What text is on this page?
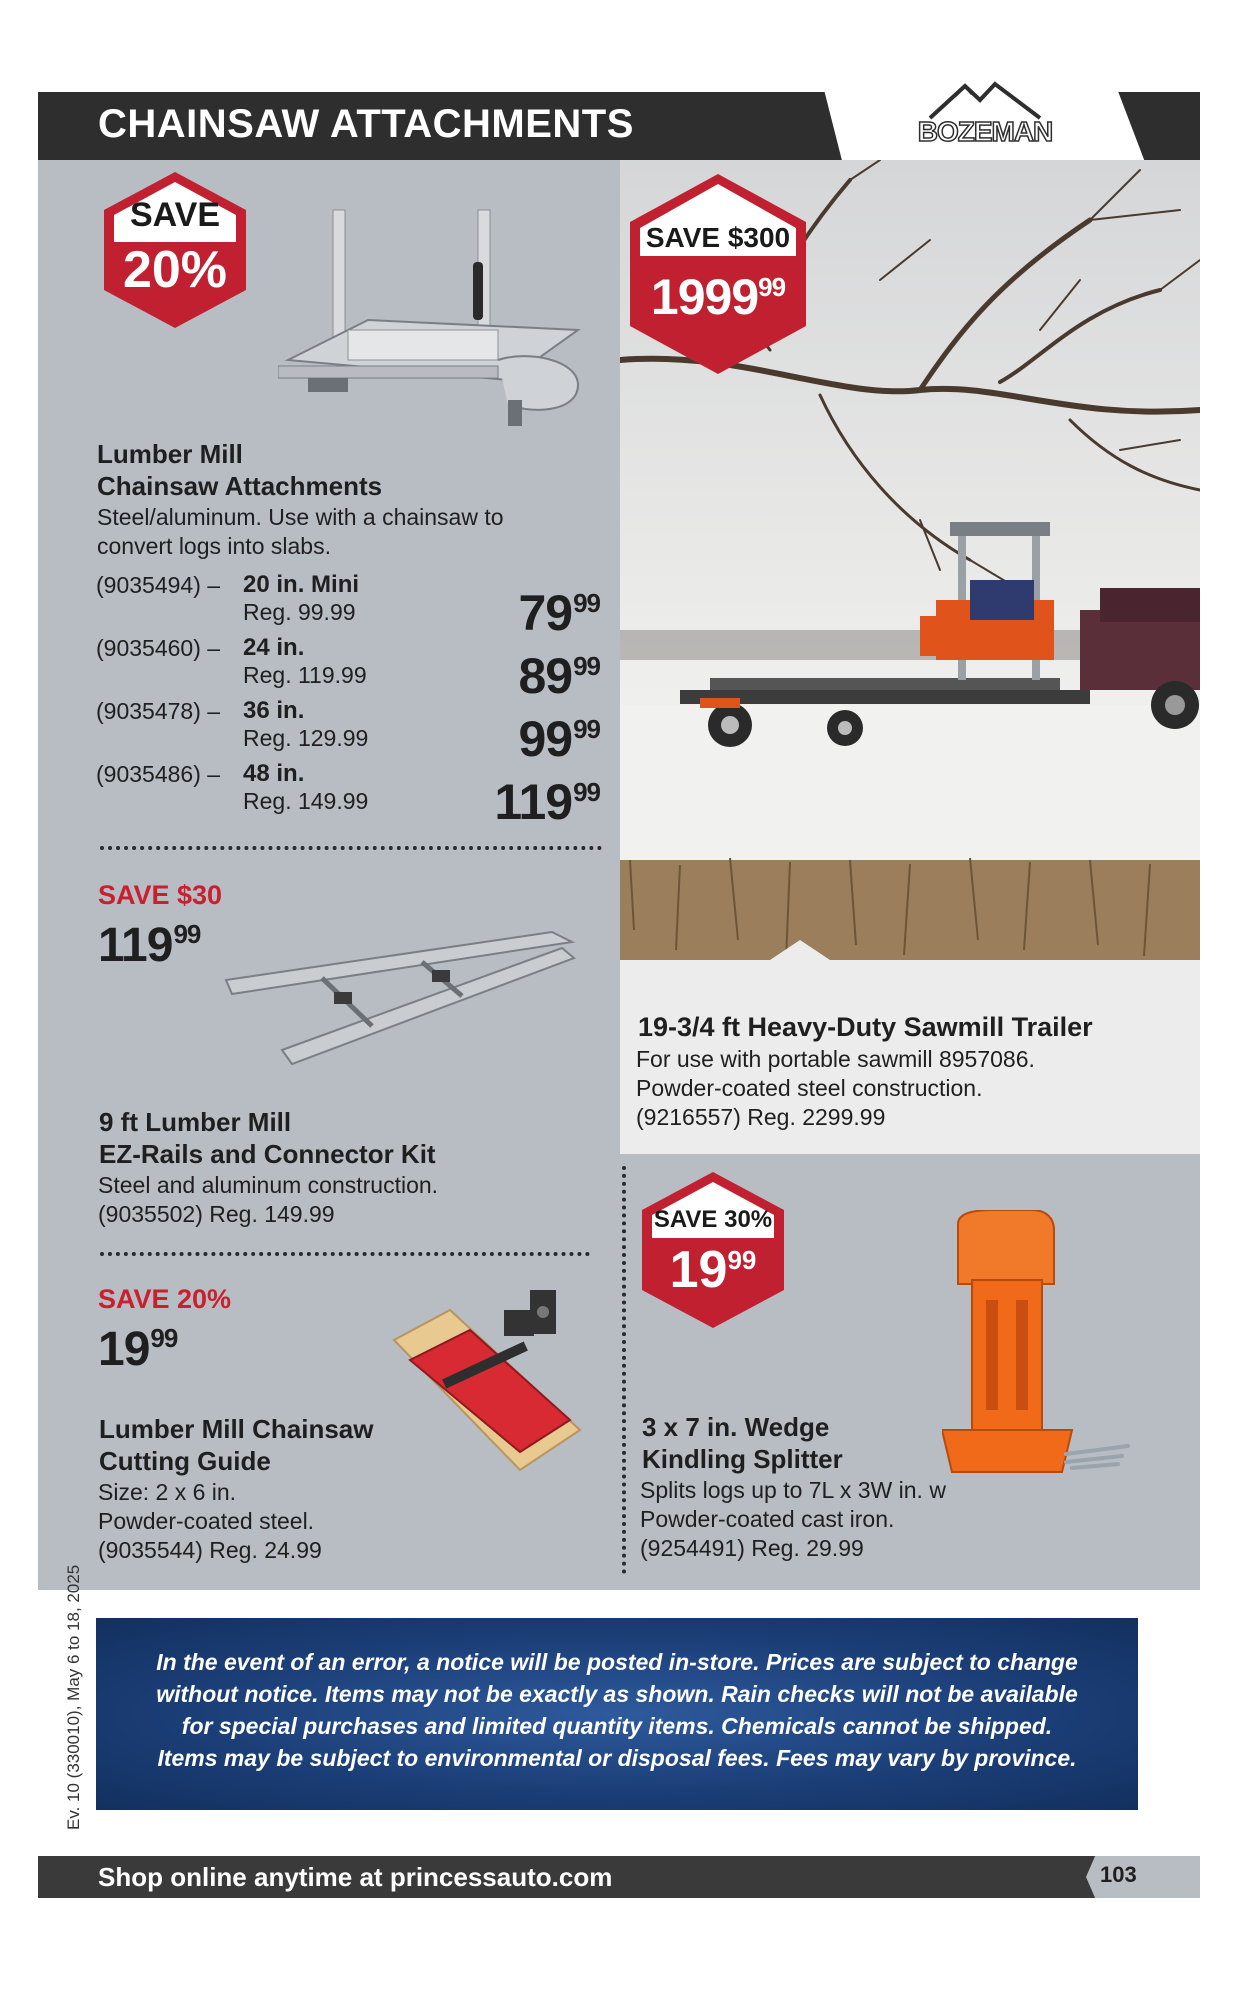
CHAINSAW ATTACHMENTS	BOZEMAN
SAVE
20%
Lumber Mill
Chainsaw Attachments
Steel/aluminum. Use with a chainsaw to
convert logs into slabs.
(9035494) – 20 in. Mini
Reg. 99.99	$79^{99}$
(9035460) – 24 in.
Reg. 119.99	$89^{99}$
(9035478) – 36 in.
Reg. 129.99	$99^{99}$
(9035486) – 48 in.
Reg. 149.99	$119^{99}$
SAVE $30
$119^{99}$
9 ft Lumber Mill
EZ-Rails and Connector Kit
Steel and aluminum construction.
(9035502) Reg. 149.99
SAVE 20%
$19^{99}$
Lumber Mill Chainsaw
Cutting Guide
Size: 2 x 6 in.
Powder-coated steel.
(9035544) Reg. 24.99
SAVE $300
1999$^{99}$
19-3/4 ft Heavy-Duty Sawmill Trailer
For use with portable sawmill 8957086.
Powder-coated steel construction.
(9216557) Reg. 2299.99
SAVE 30%
$19^{99}$
3 x 7 in. Wedge
Kindling Splitter
Splits logs up to 7L x 3W in. w
Powder-coated cast iron.
(9254491) Reg. 29.99
In the event of an error, a notice will be posted in-store. Prices are subject to change
without notice. Items may not be exactly as shown. Rain checks will not be available
for special purchases and limited quantity items. Chemicals cannot be shipped.
Items may be subject to environmental or disposal fees. Fees may vary by province.
Ev. 10 (330010), May 6 to 18, 2025
Shop online anytime at princessauto.com	103
